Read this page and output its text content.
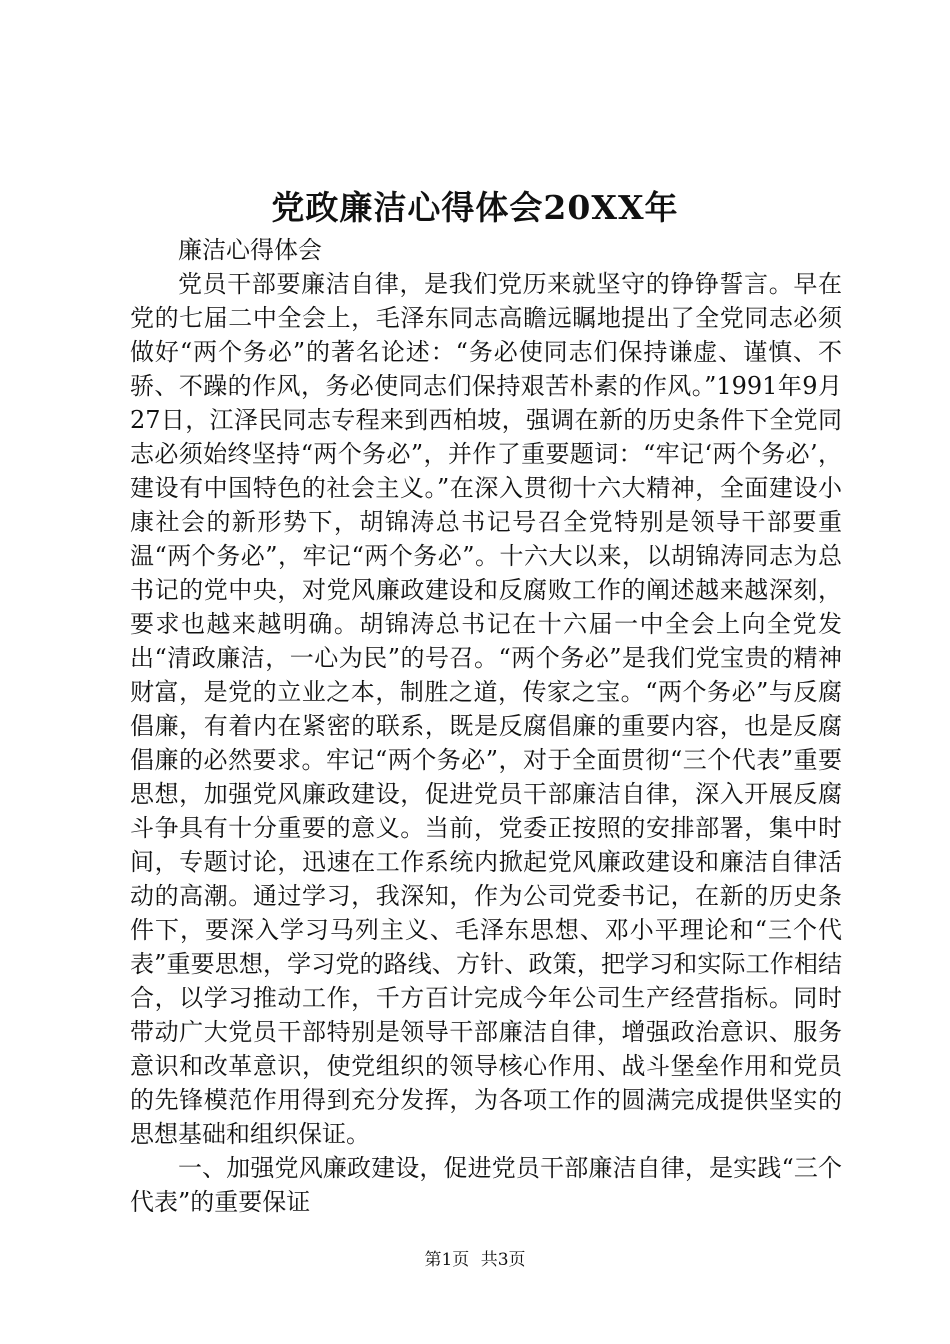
党政廉洁心得体会20XX年

廉洁心得体会

党员干部要廉洁自律，是我们党历来就坚守的铮铮誓言。早在党的七届二中全会上，毛泽东同志高瞻远瞩地提出了全党同志必须做好“两个务必”的著名论述：“务必使同志们保持谦虚、谨慎、不骄、不躁的作风，务必使同志们保持艰苦朴素的作风。”1991年9月27日，江泽民同志专程来到西柏坡，强调在新的历史条件下全党同志必须始终坚持“两个务必”，并作了重要题词：“牢记‘两个务必’，建设有中国特色的社会主义。”在深入贯彻十六大精神，全面建设小康社会的新形势下，胡锦涛总书记号召全党特别是领导干部要重温“两个务必”，牢记“两个务必”。十六大以来，以胡锦涛同志为总书记的党中央，对党风廉政建设和反腐败工作的阐述越来越深刻，要求也越来越明确。胡锦涛总书记在十六届一中全会上向全党发出“清政廉洁，一心为民”的号召。“两个务必”是我们党宝贵的精神财富，是党的立业之本，制胜之道，传家之宝。“两个务必”与反腐倡廉，有着内在紧密的联系，既是反腐倡廉的重要内容，也是反腐倡廉的必然要求。牢记“两个务必”，对于全面贯彻“三个代表”重要思想，加强党风廉政建设，促进党员干部廉洁自律，深入开展反腐斗争具有十分重要的意义。当前，党委正按照的安排部署，集中时间，专题讨论，迅速在工作系统内掀起党风廉政建设和廉洁自律活动的高潮。通过学习，我深知，作为公司党委书记，在新的历史条件下，要深入学习马列主义、毛泽东思想、邓小平理论和“三个代表”重要思想，学习党的路线、方针、政策，把学习和实际工作相结合，以学习推动工作，千方百计完成今年公司生产经营指标。同时带动广大党员干部特别是领导干部廉洁自律，增强政治意识、服务意识和改革意识，使党组织的领导核心作用、战斗堡垒作用和党员的先锋模范作用得到充分发挥，为各项工作的圆满完成提供坚实的思想基础和组织保证。

一、加强党风廉政建设，促进党员干部廉洁自律，是实践“三个代表”的重要保证

第1页 共3页
